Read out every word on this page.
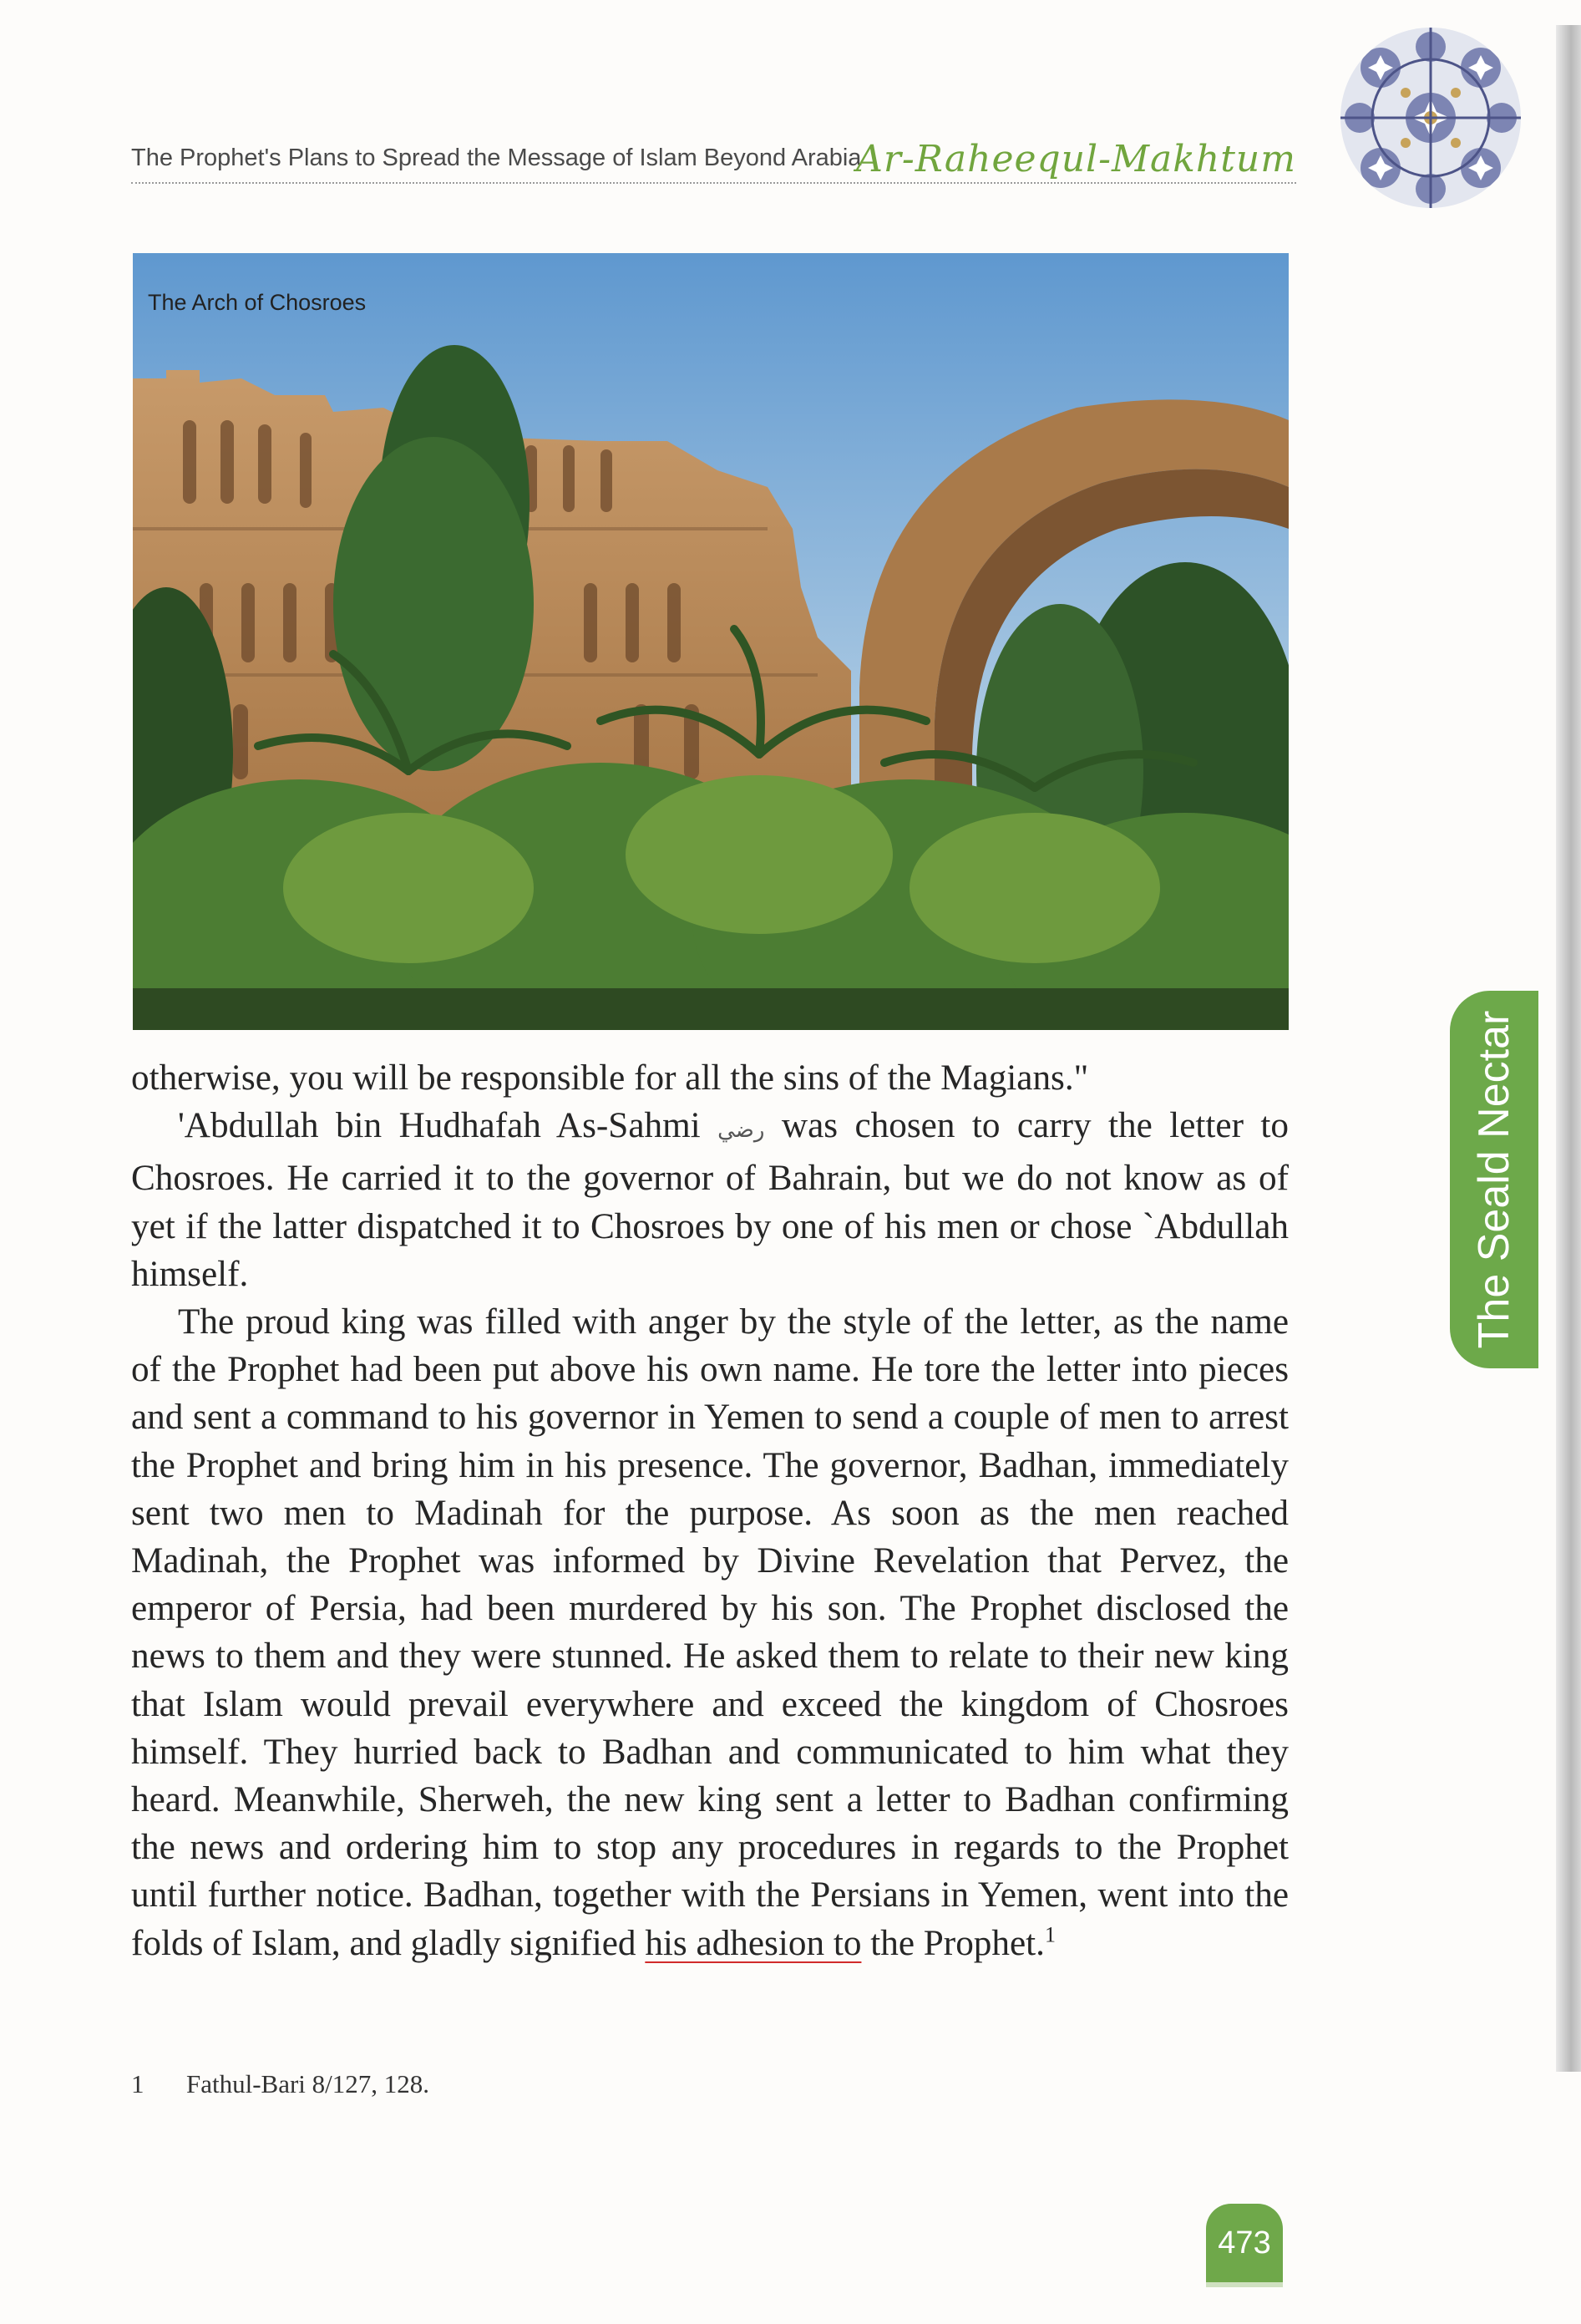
The Prophet's Plans to Spread the Message of Islam Beyond Arabia
Ar-Raheequl-Makhtum
The Arch of Chosroes

otherwise, you will be responsible for all the sins of the Magians."

'Abdullah bin Hudhafah As-Sahmi رضي was chosen to carry the letter to Chosroes. He carried it to the governor of Bahrain, but we do not know as of yet if the latter dispatched it to Chosroes by one of his men or chose `Abdullah himself.

The proud king was filled with anger by the style of the letter, as the name of the Prophet had been put above his own name. He tore the letter into pieces and sent a command to his governor in Yemen to send a couple of men to arrest the Prophet and bring him in his presence. The governor, Badhan, immediately sent two men to Madinah for the purpose. As soon as the men reached Madinah, the Prophet was informed by Divine Revelation that Pervez, the emperor of Persia, had been murdered by his son. The Prophet disclosed the news to them and they were stunned. He asked them to relate to their new king that Islam would prevail everywhere and exceed the kingdom of Chosroes himself. They hurried back to Badhan and communicated to him what they heard. Meanwhile, Sherweh, the new king sent a letter to Badhan confirming the news and ordering him to stop any procedures in regards to the Prophet until further notice. Badhan, together with the Persians in Yemen, went into the folds of Islam, and gladly signified his adhesion to the Prophet.$^1$

1 Fathul-Bari 8/127, 128.
The Seald Nectar
473
